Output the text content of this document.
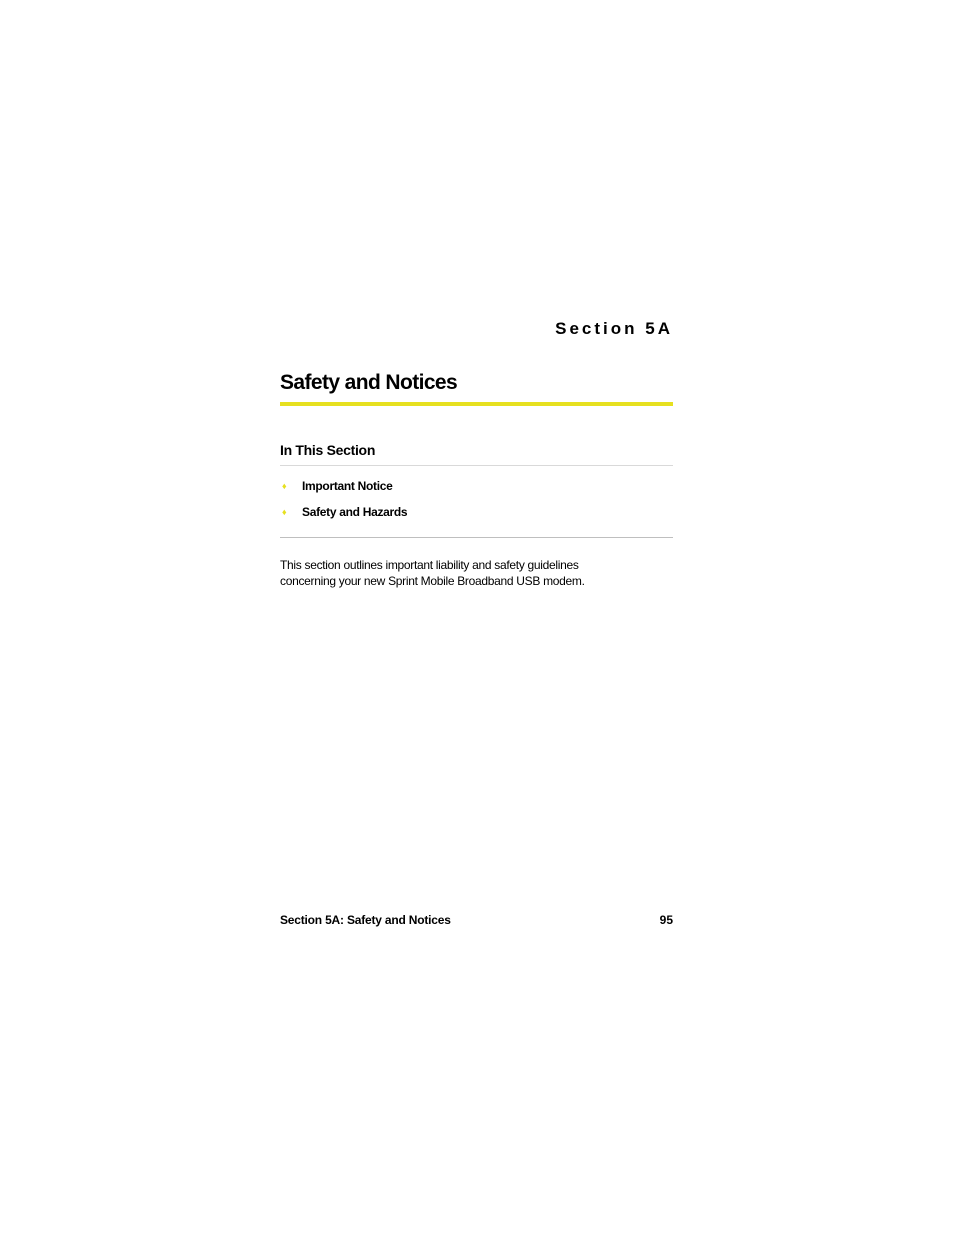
Section 5A
Safety and Notices
In This Section
♦ Important Notice
♦ Safety and Hazards

This section outlines important liability and safety guidelines
concerning your new Sprint Mobile Broadband USB modem.

Section 5A: Safety and Notices	95
